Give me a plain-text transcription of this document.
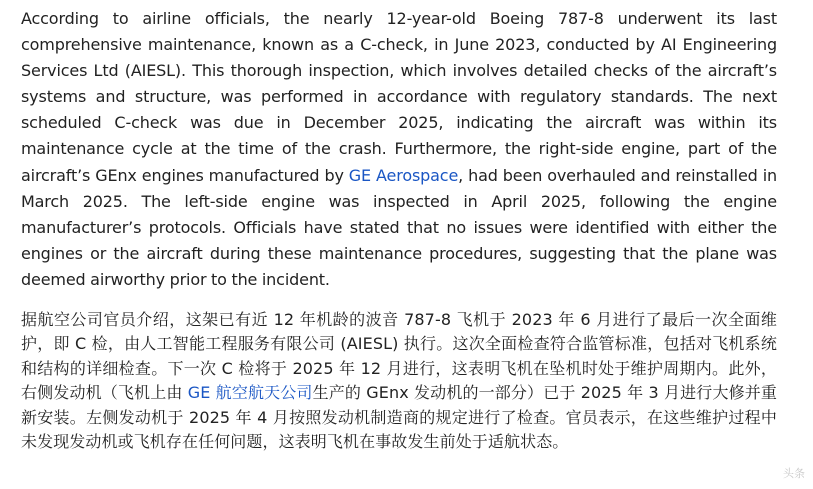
According to airline officials, the nearly 12-year-old Boeing 787-8 underwent its last comprehensive maintenance, known as a C-check, in June 2023, conducted by AI Engineering Services Ltd (AIESL). This thorough inspection, which involves detailed checks of the aircraft’s systems and structure, was performed in accordance with regulatory standards. The next scheduled C-check was due in December 2025, indicating the aircraft was within its maintenance cycle at the time of the crash. Furthermore, the right-side engine, part of the aircraft’s GEnx engines manufactured by GE Aerospace, had been overhauled and reinstalled in March 2025. The left-side engine was inspected in April 2025, following the engine manufacturer’s protocols. Officials have stated that no issues were identified with either the engines or the aircraft during these maintenance procedures, suggesting that the plane was deemed airworthy prior to the incident.

据航空公司官员介绍，这架已有近 12 年机龄的波音 787-8 飞机于 2023 年 6 月进行了最后一次全面维护，即 C 检，由人工智能工程服务有限公司 (AIESL) 执行。这次全面检查符合监管标准，包括对飞机系统和结构的详细检查。下一次 C 检将于 2025 年 12 月进行，这表明飞机在坠机时处于维护周期内。此外，右侧发动机（飞机上由 GE 航空航天公司生产的 GEnx 发动机的一部分）已于 2025 年 3 月进行大修并重新安装。左侧发动机于 2025 年 4 月按照发动机制造商的规定进行了检查。官员表示，在这些维护过程中未发现发动机或飞机存在任何问题，这表明飞机在事故发生前处于适航状态。

头条
